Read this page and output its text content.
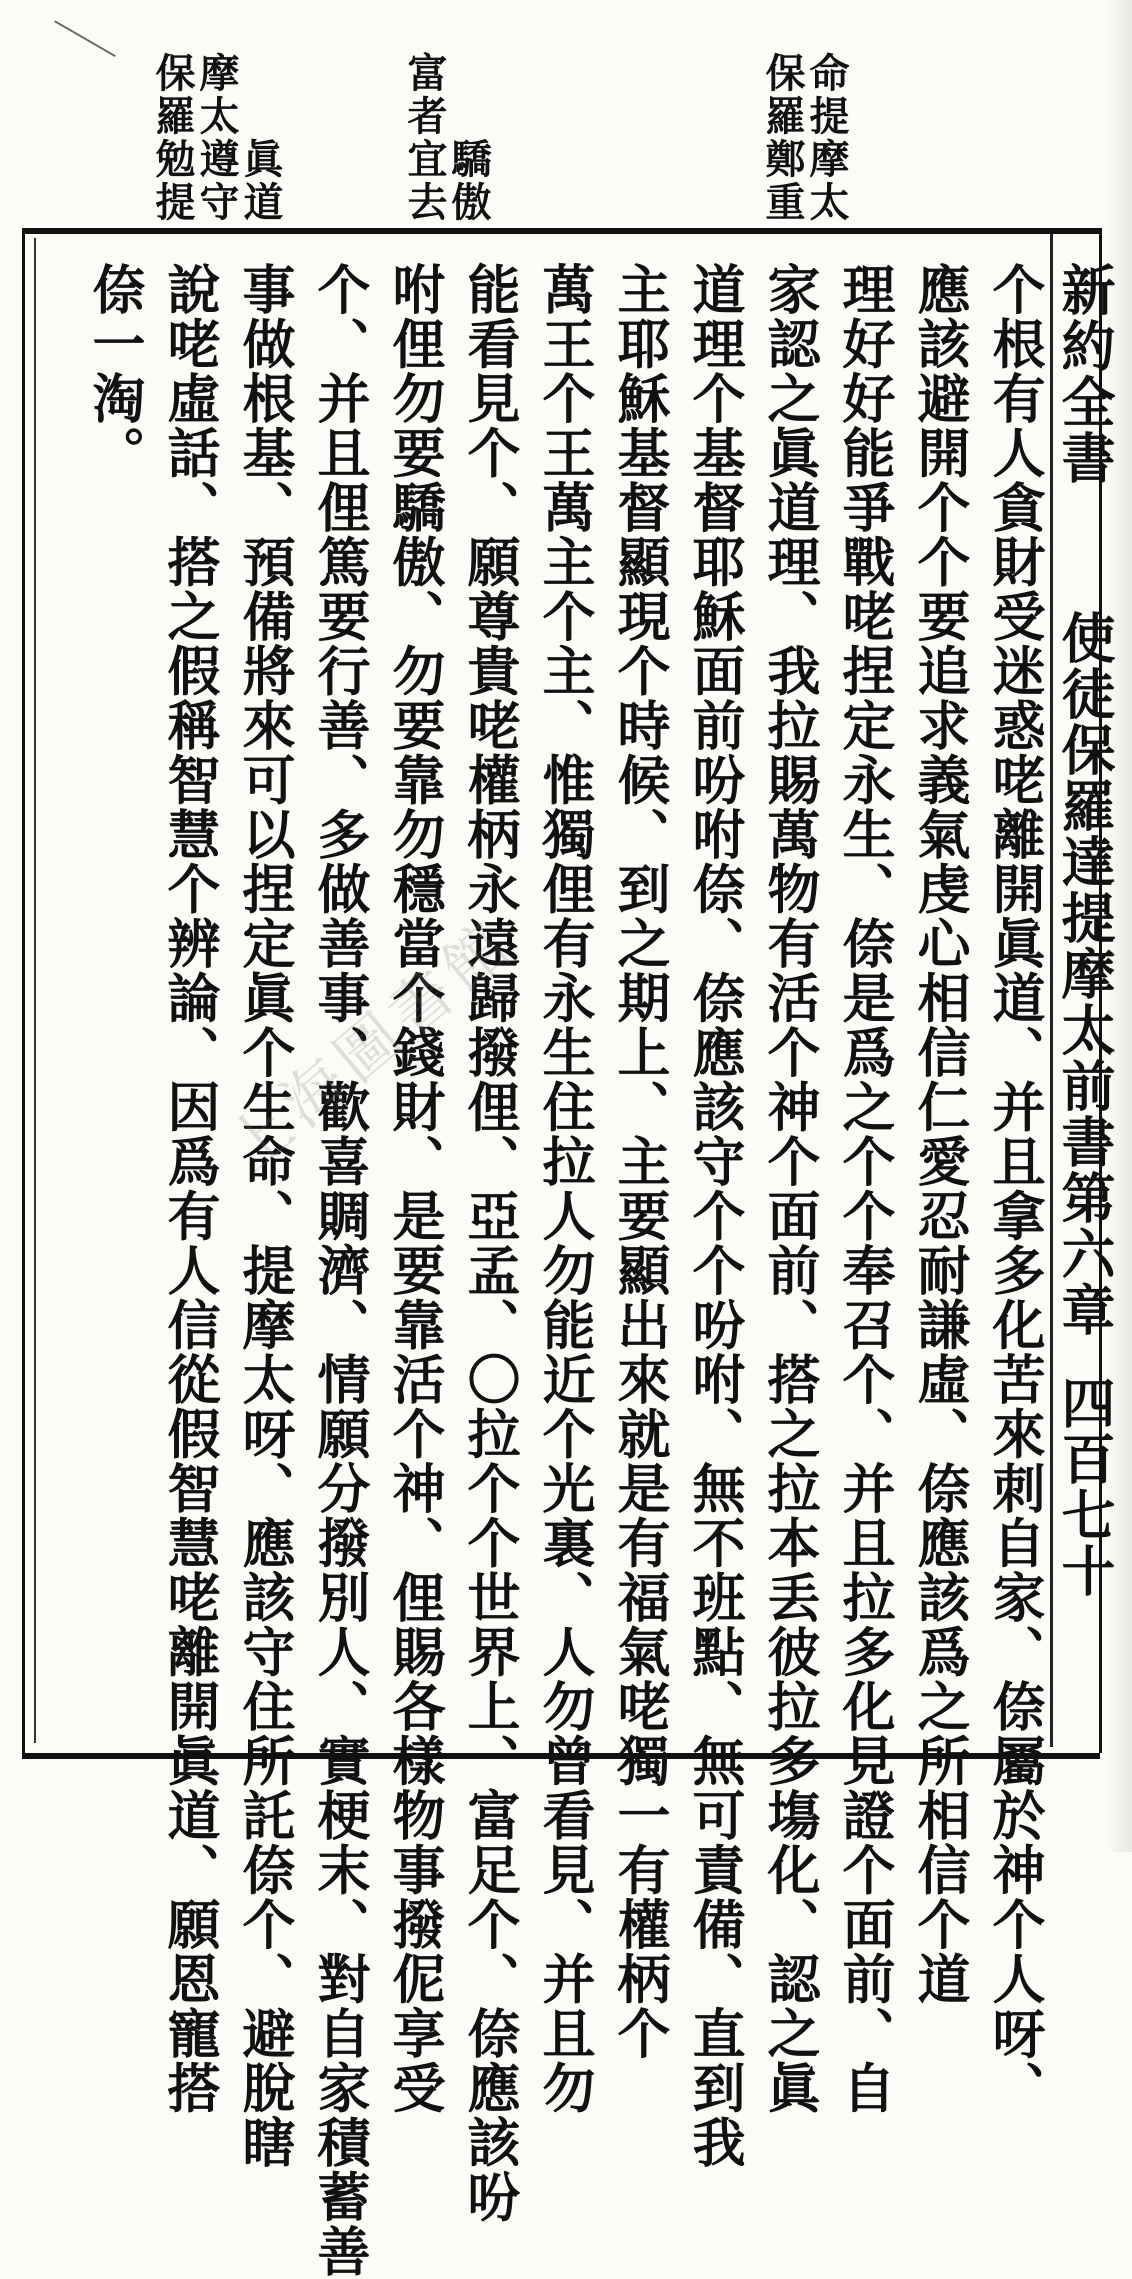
保羅鄭重命提摩太
富者宜去驕傲
保羅勉提摩太遵守眞道
新約全書
使徒保羅達提摩太前書第六章
四百七十
个根有人貪財受迷惑咾離開眞道、并且拿多化苦來刺自家、倷屬於神个人呀、
應該避開个个要追求義氣虔心相信仁愛忍耐謙虛、倷應該爲之所相信个道
理好好能爭戰咾捏定永生、倷是爲之个个奉召个、并且拉多化見證个面前、自
家認之眞道理、我拉賜萬物有活个神个面前、搭之拉本丢彼拉多塲化、認之眞
道理个基督耶穌面前吩咐倷、倷應該守个个吩咐、無不班點、無可責備、直到我
主耶穌基督顯現个時候、到之期上、主要顯出來就是有福氣咾獨一有權柄个
萬王个王萬主个主、惟獨俚有永生住拉人勿能近个光裏、人勿曾看見、并且勿
能看見个、願尊貴咾權柄永遠歸撥俚、亞孟、〇拉个个世界上、富足个、倷應該吩
咐俚勿要驕傲、勿要靠勿穩當个錢財、是要靠活个神、俚賜各樣物事撥伲享受
个、并且俚篤要行善、多做善事、歡喜賙濟、情願分撥別人、實梗末、對自家積蓄善
事做根基、預備將來可以捏定眞个生命、提摩太呀、應該守住所託倷个、避脫瞎
說咾虛話、搭之假稱智慧个辨論、因爲有人信從假智慧咾離開眞道、願恩寵搭
倷一淘。
上海圖書館
